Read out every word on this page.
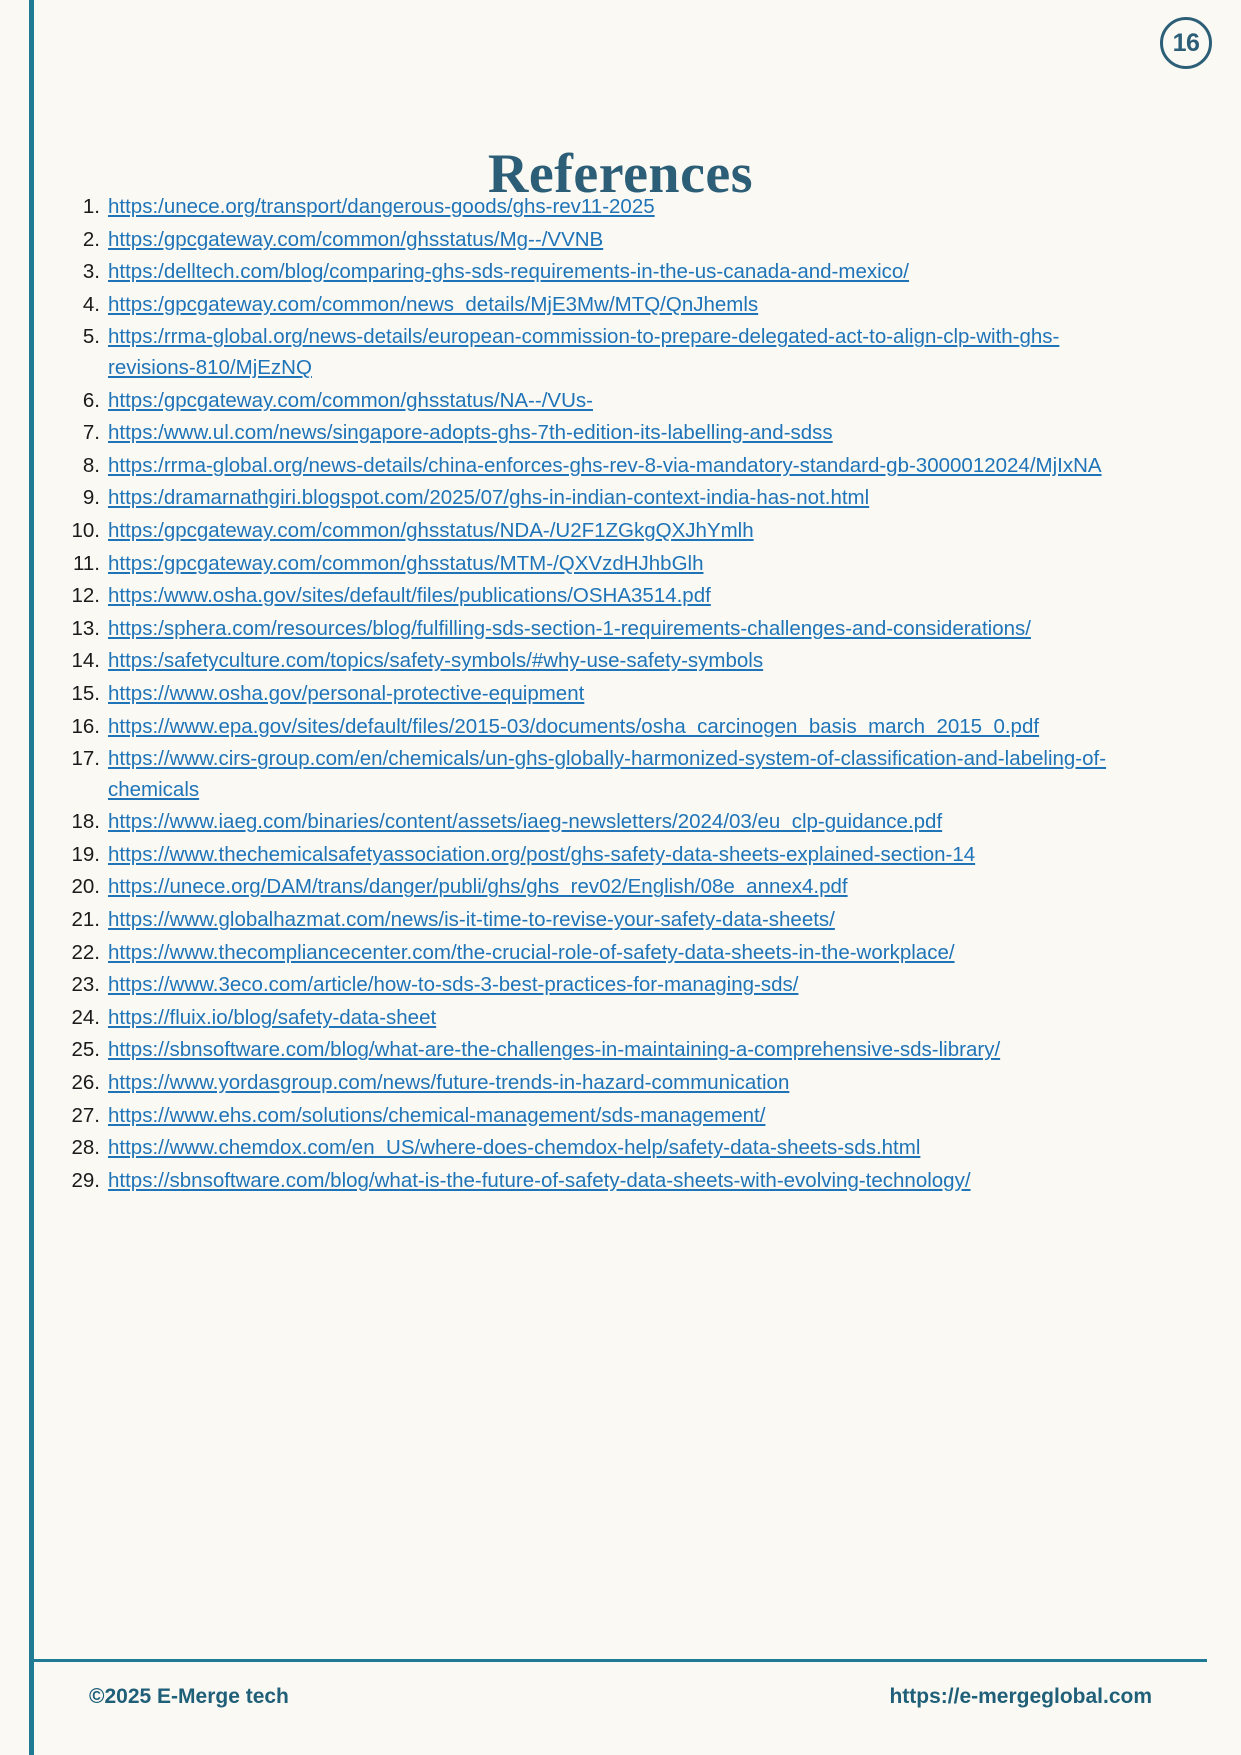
16
References
https:/unece.org/transport/dangerous-goods/ghs-rev11-2025
https:/gpcgateway.com/common/ghsstatus/Mg--/VVNB
https:/delltech.com/blog/comparing-ghs-sds-requirements-in-the-us-canada-and-mexico/
https:/gpcgateway.com/common/news_details/MjE3Mw/MTQ/QnJhemls
https:/rrma-global.org/news-details/european-commission-to-prepare-delegated-act-to-align-clp-with-ghs-revisions-810/MjEzNQ
https:/gpcgateway.com/common/ghsstatus/NA--/VUs-
https:/www.ul.com/news/singapore-adopts-ghs-7th-edition-its-labelling-and-sdss
https:/rrma-global.org/news-details/china-enforces-ghs-rev-8-via-mandatory-standard-gb-3000012024/MjIxNA
https:/dramarnathgiri.blogspot.com/2025/07/ghs-in-indian-context-india-has-not.html
https:/gpcgateway.com/common/ghsstatus/NDA-/U2F1ZGkgQXJhYmlh
https:/gpcgateway.com/common/ghsstatus/MTM-/QXVzdHJhbGlh
https:/www.osha.gov/sites/default/files/publications/OSHA3514.pdf
https:/sphera.com/resources/blog/fulfilling-sds-section-1-requirements-challenges-and-considerations/
https:/safetyculture.com/topics/safety-symbols/#why-use-safety-symbols
https://www.osha.gov/personal-protective-equipment
https://www.epa.gov/sites/default/files/2015-03/documents/osha_carcinogen_basis_march_2015_0.pdf
https://www.cirs-group.com/en/chemicals/un-ghs-globally-harmonized-system-of-classification-and-labeling-of-chemicals
https://www.iaeg.com/binaries/content/assets/iaeg-newsletters/2024/03/eu_clp-guidance.pdf
https://www.thechemicalsafetyassociation.org/post/ghs-safety-data-sheets-explained-section-14
https://unece.org/DAM/trans/danger/publi/ghs/ghs_rev02/English/08e_annex4.pdf
https://www.globalhazmat.com/news/is-it-time-to-revise-your-safety-data-sheets/
https://www.thecompliancecenter.com/the-crucial-role-of-safety-data-sheets-in-the-workplace/
https://www.3eco.com/article/how-to-sds-3-best-practices-for-managing-sds/
https://fluix.io/blog/safety-data-sheet
https://sbnsoftware.com/blog/what-are-the-challenges-in-maintaining-a-comprehensive-sds-library/
https://www.yordasgroup.com/news/future-trends-in-hazard-communication
https://www.ehs.com/solutions/chemical-management/sds-management/
https://www.chemdox.com/en_US/where-does-chemdox-help/safety-data-sheets-sds.html
https://sbnsoftware.com/blog/what-is-the-future-of-safety-data-sheets-with-evolving-technology/
©2025 E-Merge tech	https://e-mergeglobal.com
